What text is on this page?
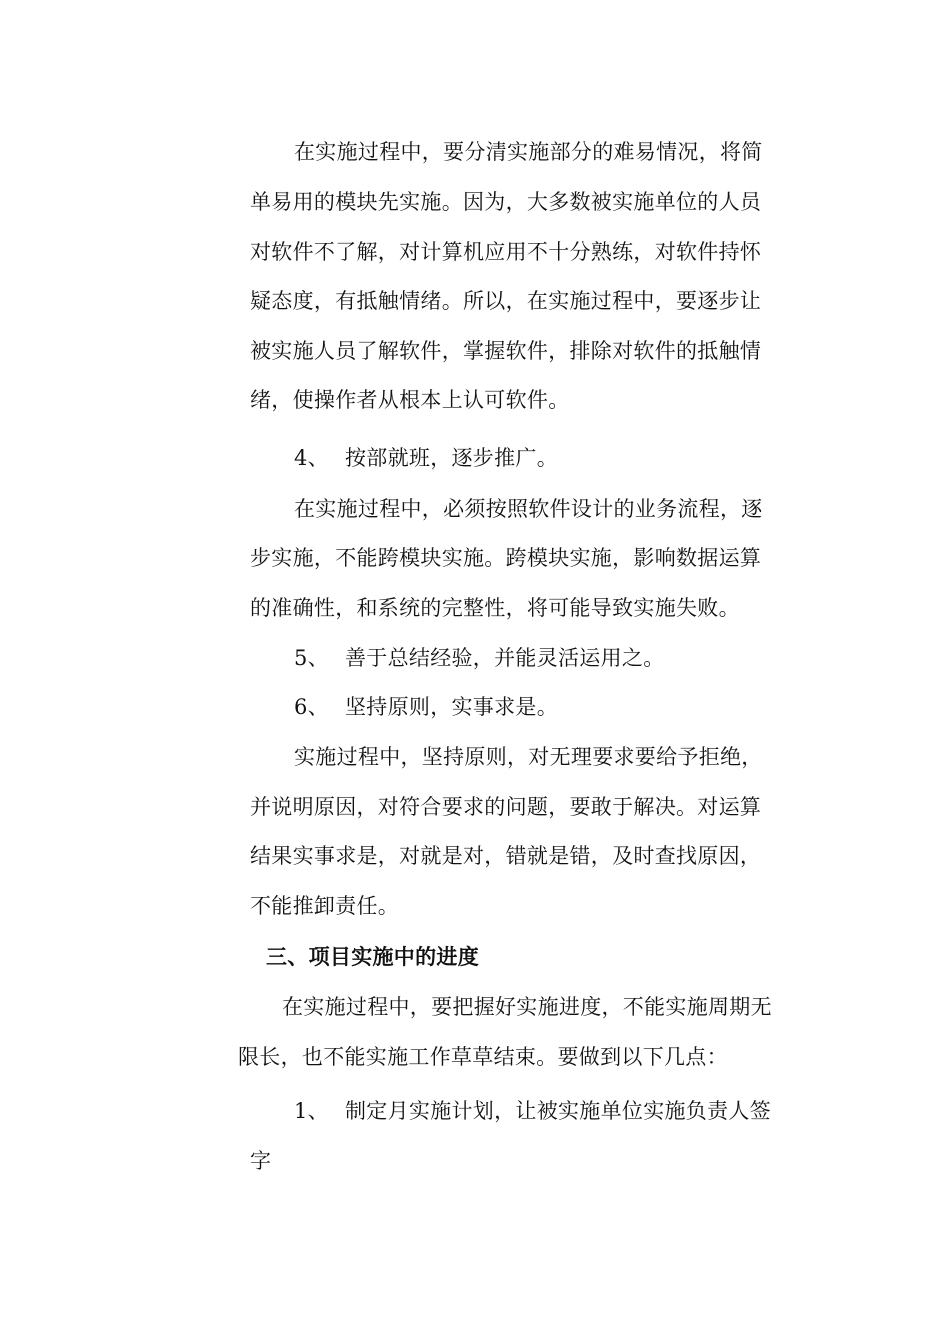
在实施过程中，要分清实施部分的难易情况，将简
单易用的模块先实施。因为，大多数被实施单位的人员
对软件不了解，对计算机应用不十分熟练，对软件持怀
疑态度，有抵触情绪。所以，在实施过程中，要逐步让
被实施人员了解软件，掌握软件，排除对软件的抵触情
绪，使操作者从根本上认可软件。
4、 按部就班，逐步推广。
在实施过程中，必须按照软件设计的业务流程，逐
步实施，不能跨模块实施。跨模块实施，影响数据运算
的准确性，和系统的完整性，将可能导致实施失败。
5、 善于总结经验，并能灵活运用之。
6、 坚持原则，实事求是。
实施过程中，坚持原则，对无理要求要给予拒绝，
并说明原因，对符合要求的问题，要敢于解决。对运算
结果实事求是，对就是对，错就是错，及时查找原因，
不能推卸责任。
三、项目实施中的进度
在实施过程中，要把握好实施进度，不能实施周期无
限长，也不能实施工作草草结束。要做到以下几点：
1、 制定月实施计划，让被实施单位实施负责人签
字
